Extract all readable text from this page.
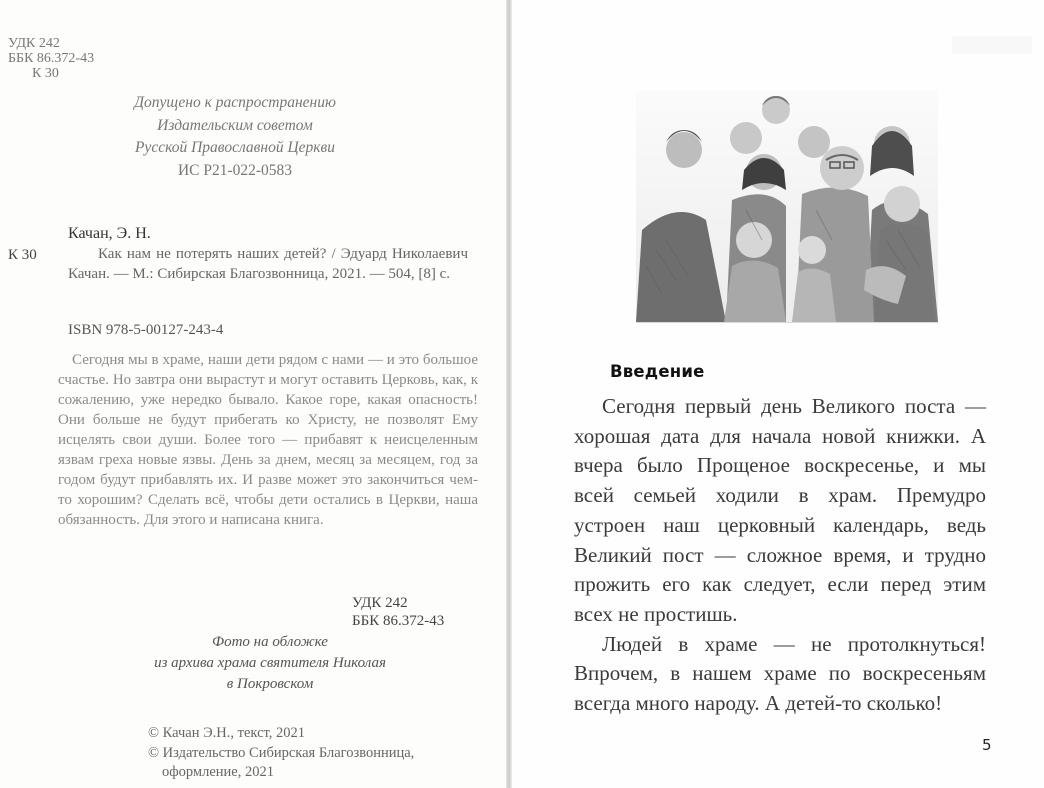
УДК 242
ББК 86.372-43
К 30
Допущено к распространению
Издательским советом
Русской Православной Церкви
ИС Р21-022-0583
Качан, Э. Н.
К 30	Как нам не потерять наших детей? / Эдуард Николаевич Качан. — М.: Сибирская Благозвонница, 2021. — 504, [8] с.

ISBN 978-5-00127-243-4

Сегодня мы в храме, наши дети рядом с нами — и это большое счастье. Но завтра они вырастут и могут оставить Церковь, как, к сожалению, уже нередко бывало. Какое горе, какая опасность! Они больше не будут прибегать ко Христу, не позволят Ему исцелять свои души. Более того — прибавят к неисцеленным язвам греха новые язвы. День за днем, месяц за месяцем, год за годом будут прибавлять их. И разве может это закончиться чем-то хорошим? Сделать всё, чтобы дети остались в Церкви, наша обязанность. Для этого и написана книга.

УДК 242
ББК 86.372-43
Фото на обложке
из архива храма святителя Николая
в Покровском
© Качан Э.Н., текст, 2021
© Издательство Сибирская Благозвонница,
оформление, 2021
Введение

Сегодня первый день Великого поста — хорошая дата для начала новой книжки. А вчера было Прощеное воскресенье, и мы всей семьей ходили в храм. Премудро устроен наш церковный календарь, ведь Великий пост — сложное время, и трудно прожить его как следует, если перед этим всех не простишь.

Людей в храме — не протолкнуться! Впрочем, в нашем храме по воскресеньям всегда много народу. А детей-то сколько!

5
